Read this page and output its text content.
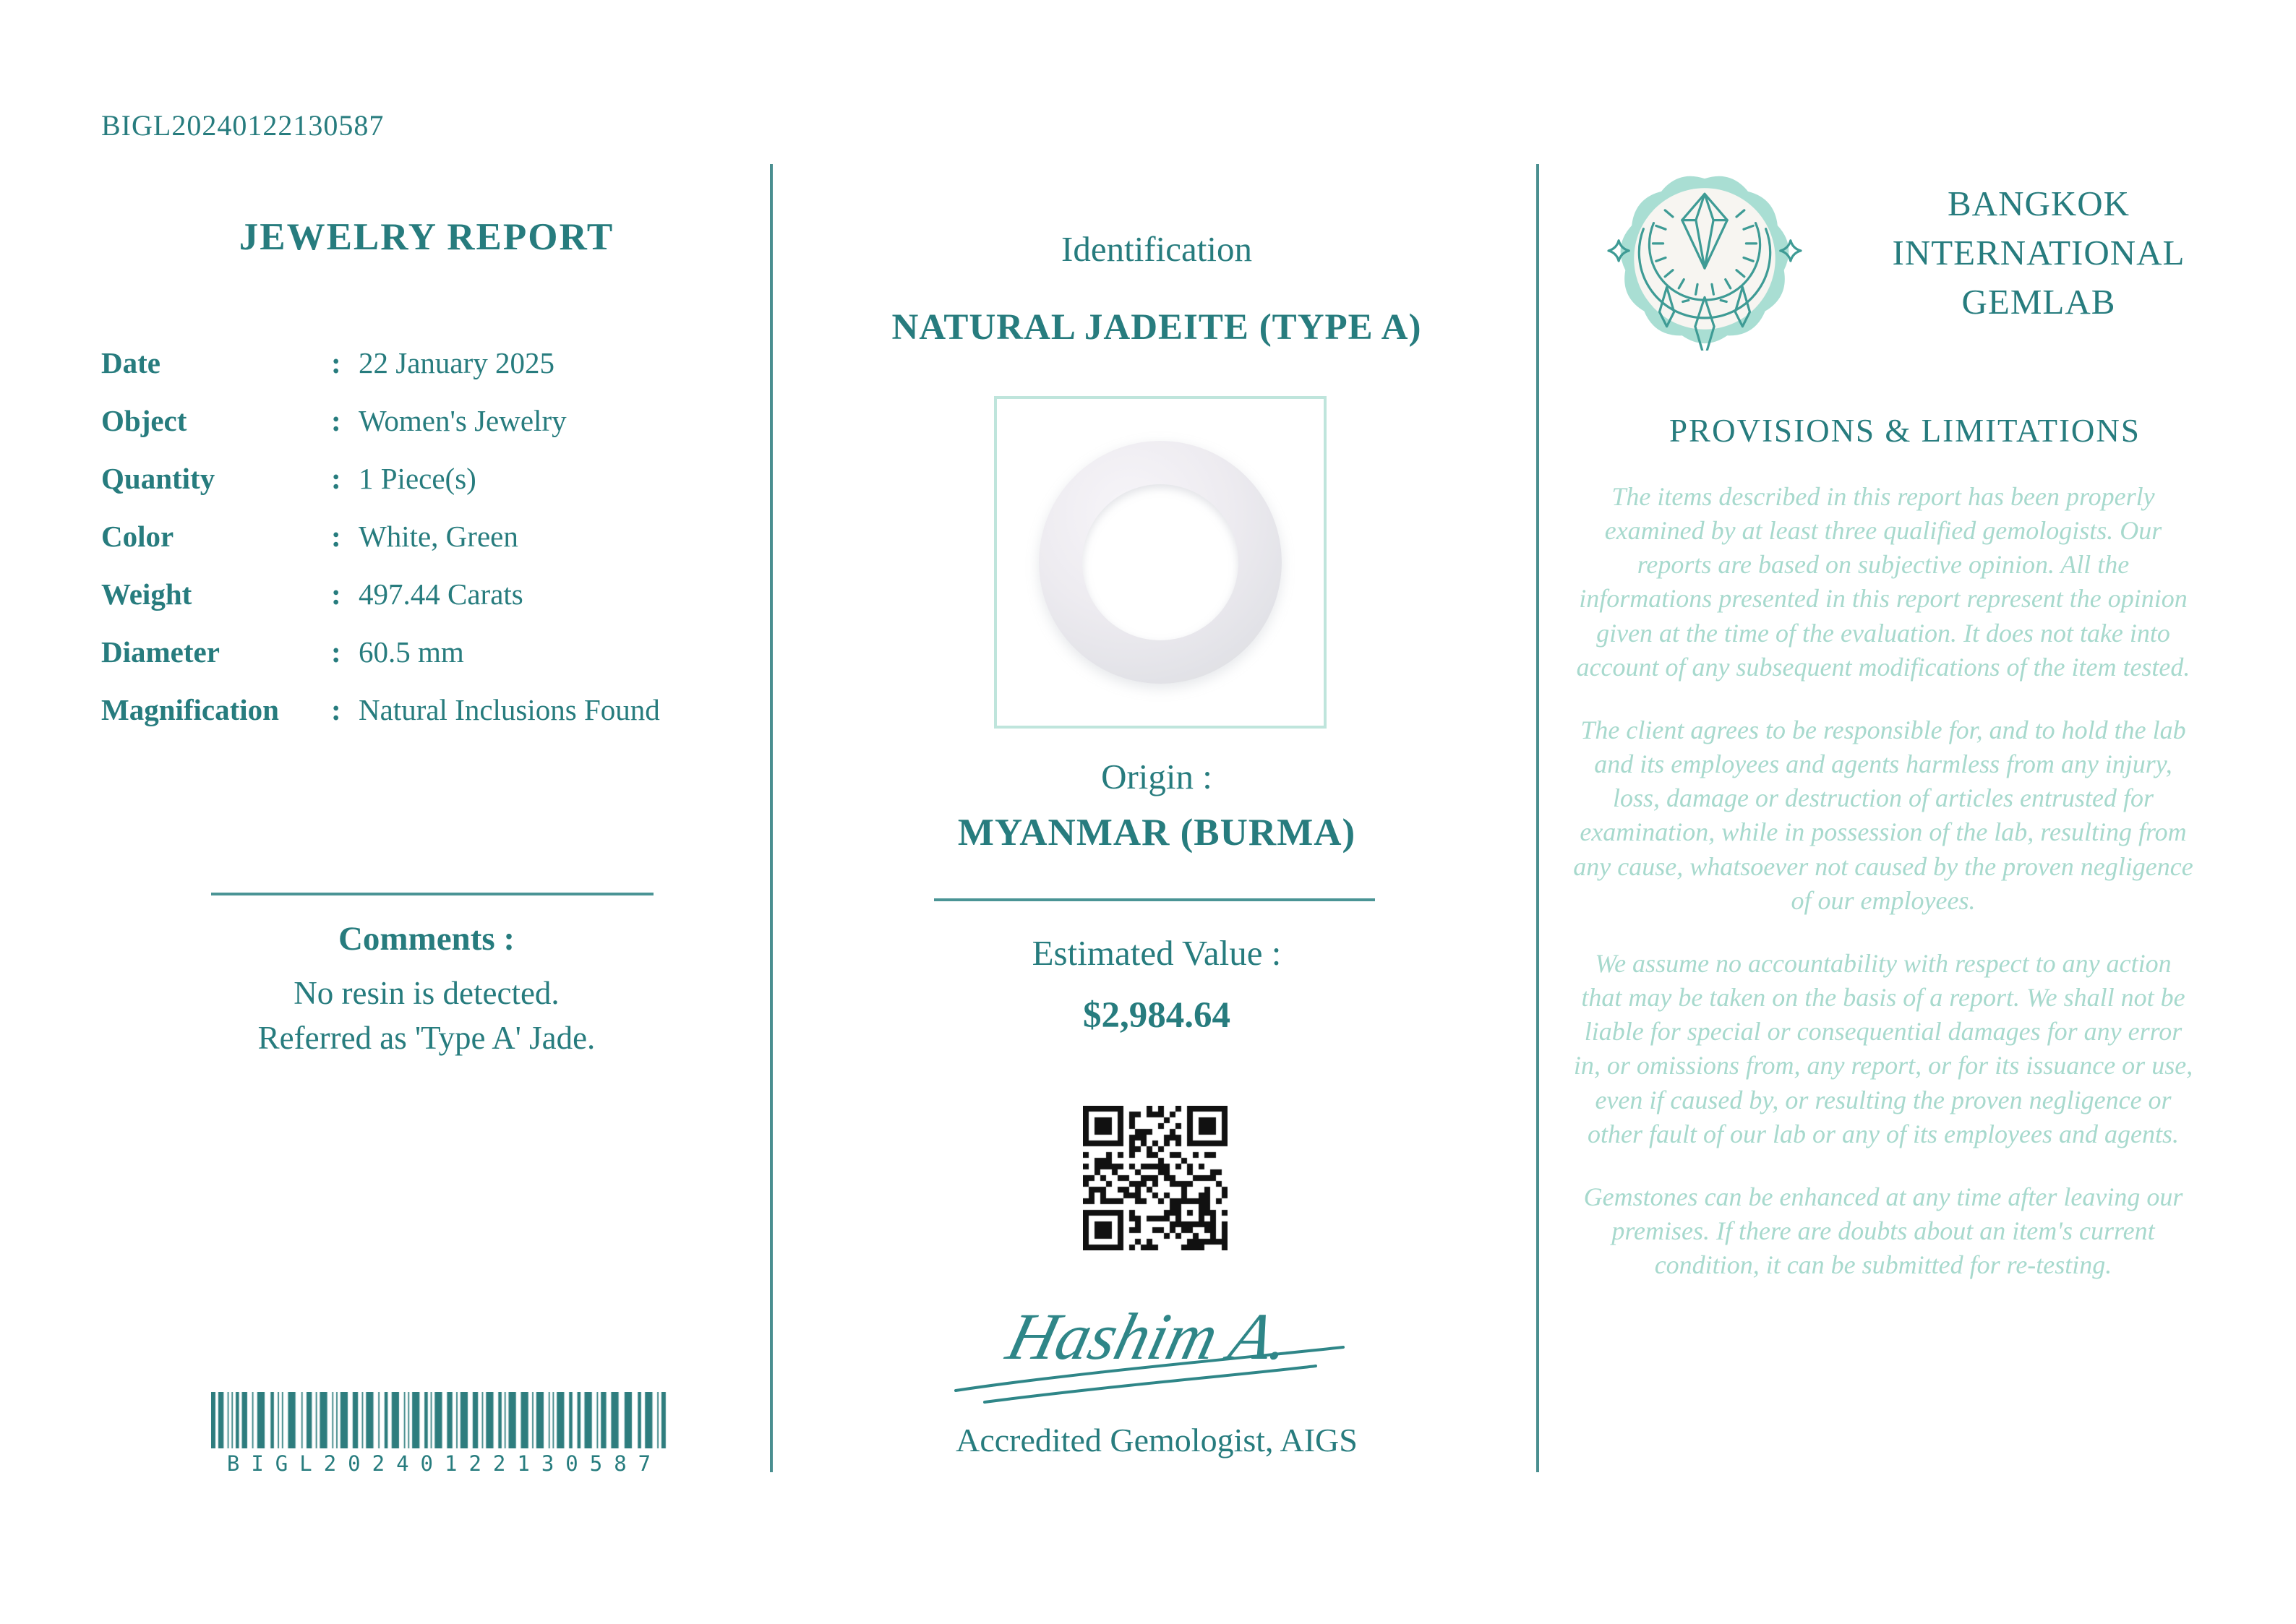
BIGL20240122130587
JEWELRY REPORT
Date	: 22 January 2025
Object	: Women's Jewelry
Quantity	: 1 Piece(s)
Color	: White, Green
Weight	: 497.44 Carats
Diameter	: 60.5 mm
Magnification	: Natural Inclusions Found
Comments :
No resin is detected.
Referred as 'Type A' Jade.
BIGL20240122130587
Identification
NATURAL JADEITE (TYPE A)
Origin :
MYANMAR (BURMA)
Estimated Value :
$2,984.64
Hashim A.
Accredited Gemologist, AIGS
BANGKOK
INTERNATIONAL
GEMLAB
PROVISIONS & LIMITATIONS

The items described in this report has been properly examined by at least three qualified gemologists. Our reports are based on subjective opinion. All the informations presented in this report represent the opinion given at the time of the evaluation. It does not take into account of any subsequent modifications of the item tested.

The client agrees to be responsible for, and to hold the lab and its employees and agents harmless from any injury, loss, damage or destruction of articles entrusted for examination, while in possession of the lab, resulting from any cause, whatsoever not caused by the proven negligence of our employees.

We assume no accountability with respect to any action that may be taken on the basis of a report. We shall not be liable for special or consequential damages for any error in, or omissions from, any report, or for its issuance or use, even if caused by, or resulting the proven negligence or other fault of our lab or any of its employees and agents.

Gemstones can be enhanced at any time after leaving our premises. If there are doubts about an item's current condition, it can be submitted for re-testing.
